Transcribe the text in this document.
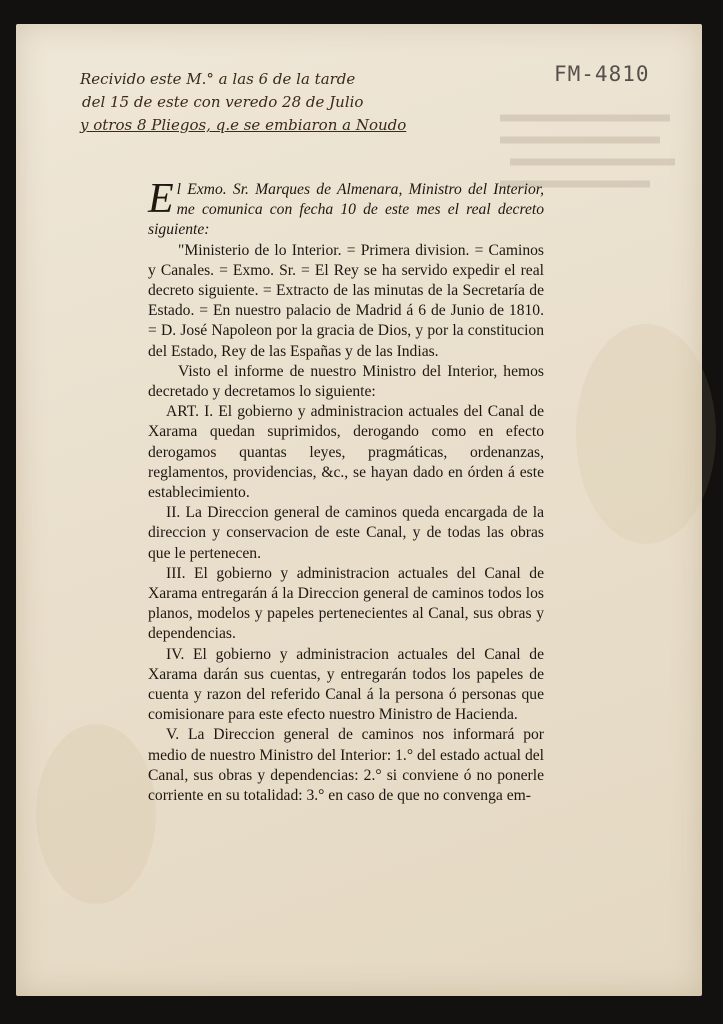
Recivido este M.° a las 6 de la tarde
del 15 de este con veredo 28 de Julio
y otros 8 Pliegos, q.e se embiaron a Noudo
FM-4810

El Exmo. Sr. Marques de Almenara, Ministro del Interior, me comunica con fecha 10 de este mes el real decreto siguiente:

"Ministerio de lo Interior. = Primera division. = Caminos y Canales. = Exmo. Sr. = El Rey se ha servido expedir el real decreto siguiente. = Extracto de las minutas de la Secretaría de Estado. = En nuestro palacio de Madrid á 6 de Junio de 1810. = D. José Napoleon por la gracia de Dios, y por la constitucion del Estado, Rey de las Españas y de las Indias.

Visto el informe de nuestro Ministro del Interior, hemos decretado y decretamos lo siguiente:

ART. I. El gobierno y administracion actuales del Canal de Xarama quedan suprimidos, derogando como en efecto derogamos quantas leyes, pragmáticas, ordenanzas, reglamentos, providencias, &c., se hayan dado en órden á este establecimiento.

II. La Direccion general de caminos queda encargada de la direccion y conservacion de este Canal, y de todas las obras que le pertenecen.

III. El gobierno y administracion actuales del Canal de Xarama entregarán á la Direccion general de caminos todos los planos, modelos y papeles pertenecientes al Canal, sus obras y dependencias.

IV. El gobierno y administracion actuales del Canal de Xarama darán sus cuentas, y entregarán todos los papeles de cuenta y razon del referido Canal á la persona ó personas que comisionare para este efecto nuestro Ministro de Hacienda.

V. La Direccion general de caminos nos informará por medio de nuestro Ministro del Interior: 1.° del estado actual del Canal, sus obras y dependencias: 2.° si conviene ó no ponerle corriente en su totalidad: 3.° en caso de que no convenga em-
